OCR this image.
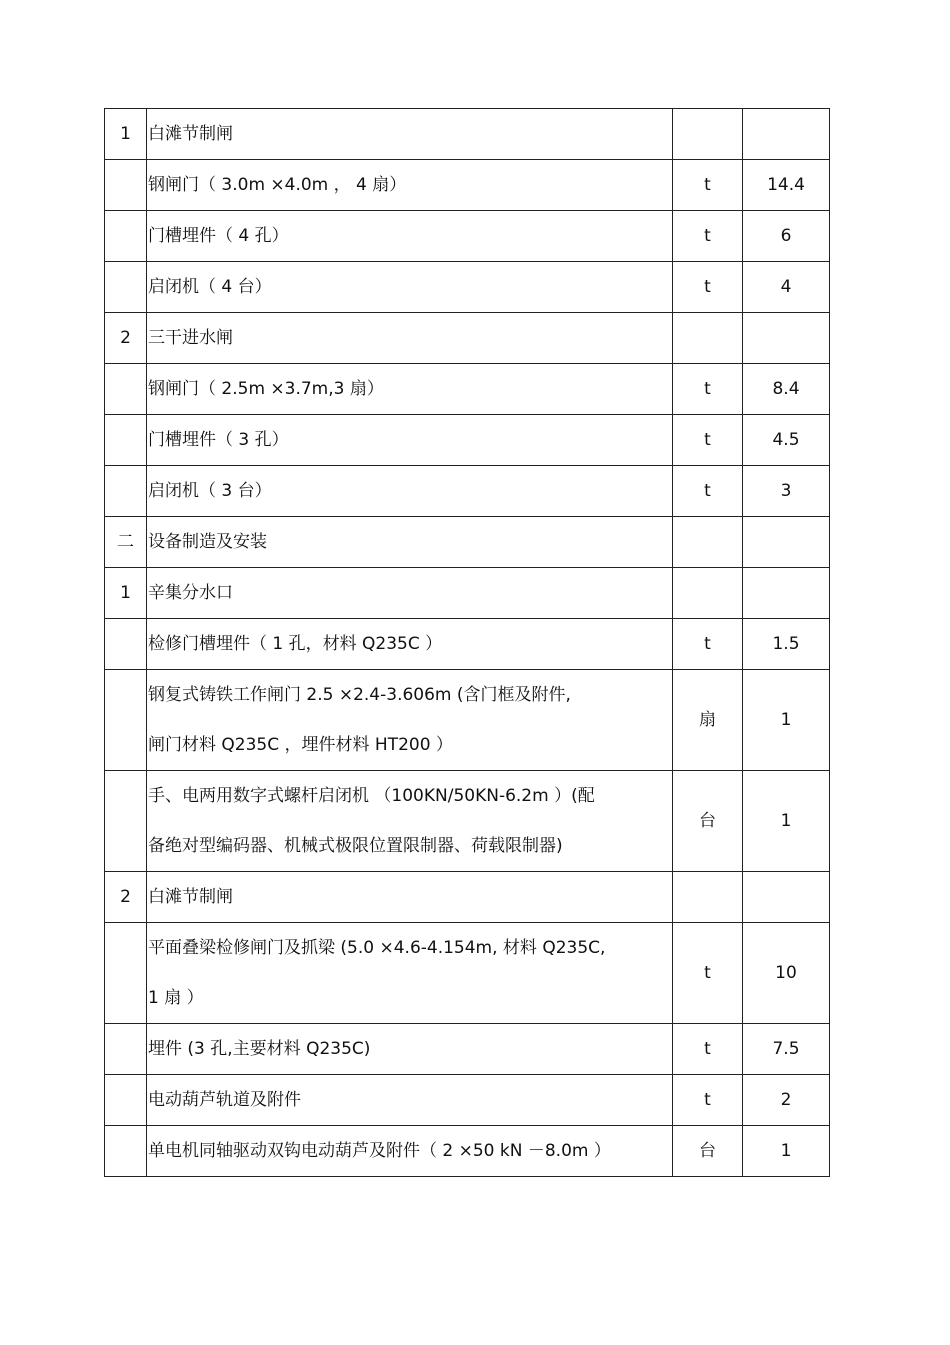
1	白滩节制闸		

	钢闸门（ 3.0m ×4.0m ， 4 扇）	t	14.4

	门槽埋件（ 4 孔）	t	6

	启闭机（ 4 台）	t	4
2	三干进水闸		

	钢闸门（ 2.5m ×3.7m,3 扇）	t	8.4

	门槽埋件（ 3 孔）	t	4.5

	启闭机（ 3 台）	t	3
二	设备制造及安装		

1	辛集分水口		

	检修门槽埋件（ 1 孔，材料 Q235C ）	t	1.5

	钢复式铸铁工作闸门 2.5 ×2.4-3.606m (含门框及附件,
闸门材料 Q235C ，埋件材料 HT200 ）	扇	1

	手、电两用数字式螺杆启闭机 （100KN/50KN-6.2m ）(配
备绝对型编码器、机械式极限位置限制器、荷载限制器)	台	1
2	白滩节制闸		

	平面叠梁检修闸门及抓梁 (5.0 ×4.6-4.154m, 材料 Q235C,
1 扇 ）	t	10

	埋件 (3 孔,主要材料 Q235C)	t	7.5

	电动葫芦轨道及附件	t	2

	单电机同轴驱动双钩电动葫芦及附件（ 2 ×50 kN －8.0m ）	台	1
